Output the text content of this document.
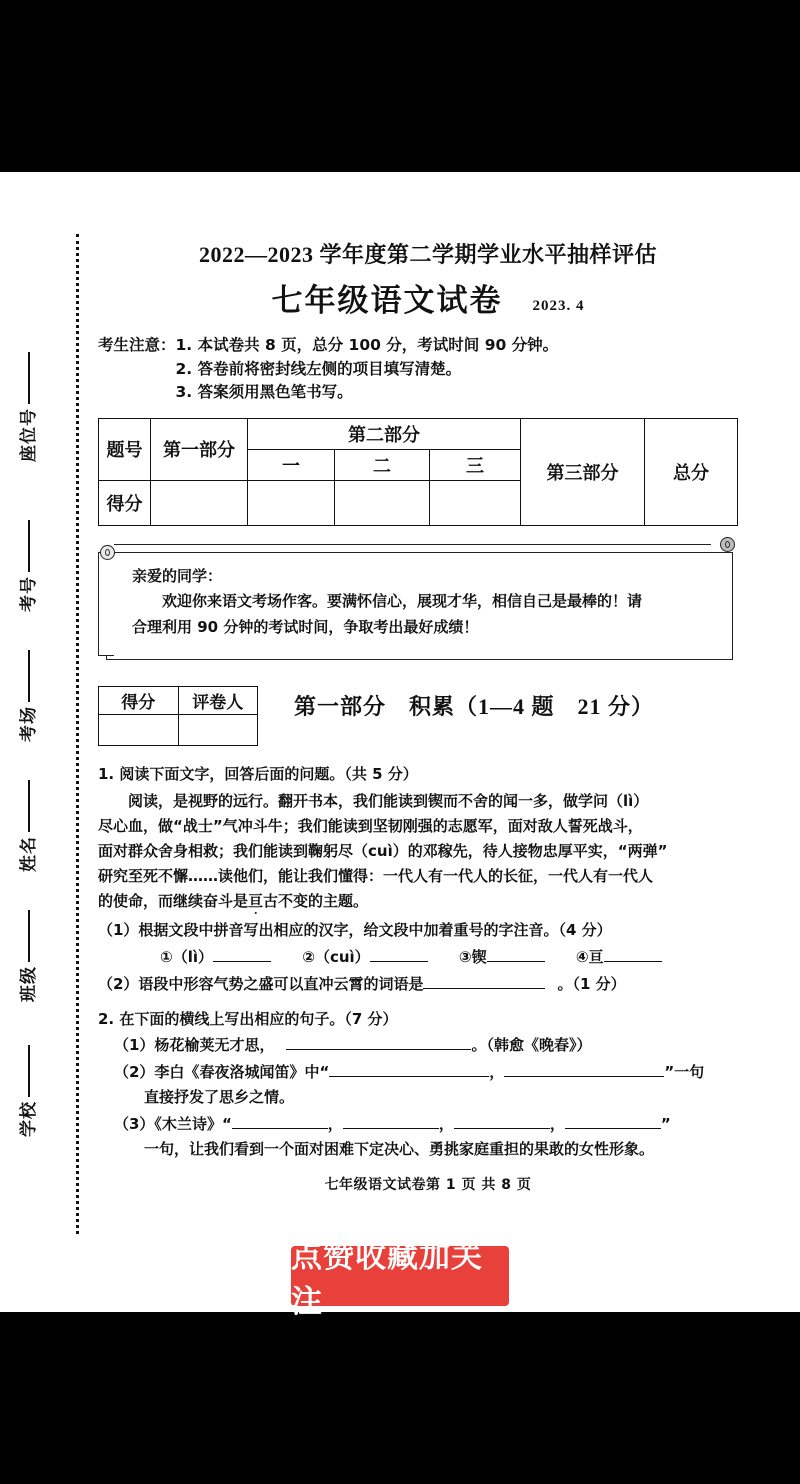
座位号
考号
考场
姓名
班级
学校
2022—2023 学年度第二学期学业水平抽样评估
七年级语文试卷 2023. 4
考生注意： 1. 本试卷共 8 页，总分 100 分，考试时间 90 分钟。
2. 答卷前将密封线左侧的项目填写清楚。
3. 答案须用黑色笔书写。
题号	第一部分	第二部分			第三部分	总分
		一	二	三		
得分						
亲爱的同学：
欢迎你来语文考场作客。要满怀信心，展现才华，相信自己是最棒的！请
合理利用 90 分钟的考试时间，争取考出最好成绩！
得分	评卷人
	第一部分　积累（1—4 题　21 分）
1. 阅读下面文字，回答后面的问题。（共 5 分）
阅读，是视野的远行。翻开书本，我们能读到锲而不舍的闻一多，做学问（lì）
尽心血，做“战士”气冲斗牛；我们能读到坚韧刚强的志愿军，面对敌人誓死战斗，
面对群众舍身相救；我们能读到鞠躬尽（cuì）的邓稼先，待人接物忠厚平实，“两弹”
研究至死不懈……读他们，能让我们懂得：一代人有一代人的长征，一代人有一代人
的使命，而继续奋斗是亘古不变的主题。
（1）根据文段中拼音写出相应的汉字，给文段中加着重号的字注音。（4 分）
①（lì）	②（cuì）	③锲	④亘
（2）语段中形容气势之盛可以直冲云霄的词语是	。（1 分）
2. 在下面的横线上写出相应的句子。（7 分）
（1）杨花榆荚无才思，	。（韩愈《晚春》）
（2）李白《春夜洛城闻笛》中“	，	”一句
直接抒发了思乡之情。
（3）《木兰诗》“	，	，	，	”
一句，让我们看到一个面对困难下定决心、勇挑家庭重担的果敢的女性形象。
七年级语文试卷第 1 页 共 8 页
点赞收藏加关注
